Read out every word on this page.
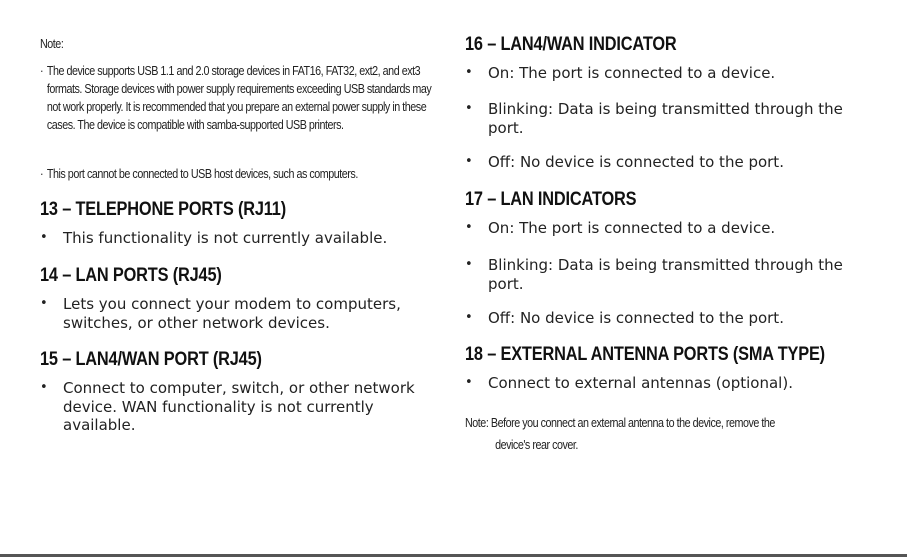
Note:
· The device supports USB 1.1 and 2.0 storage devices in FAT16, FAT32, ext2, and ext3 formats. Storage devices with power supply requirements exceeding USB standards may not work properly. It is recommended that you prepare an external power supply in these cases. The device is compatible with samba-supported USB printers.
· This port cannot be connected to USB host devices, such as computers.
13 – TELEPHONE PORTS (RJ11)
•	This functionality is not currently available.
14 – LAN PORTS (RJ45)
•	Lets you connect your modem to computers, switches, or other network devices.
15 – LAN4/WAN PORT (RJ45)
•	Connect to computer, switch, or other network device. WAN functionality is not currently available.
16 – LAN4/WAN INDICATOR
•	On: The port is connected to a device.
•	Blinking: Data is being transmitted through the port.
•	Off: No device is connected to the port.
17 – LAN INDICATORS
•	On: The port is connected to a device.
•	Blinking: Data is being transmitted through the port.
•	Off: No device is connected to the port.
18 – EXTERNAL ANTENNA PORTS (SMA TYPE)
•	Connect to external antennas (optional).
Note: Before you connect an external antenna to the device, remove the
device's rear cover.
